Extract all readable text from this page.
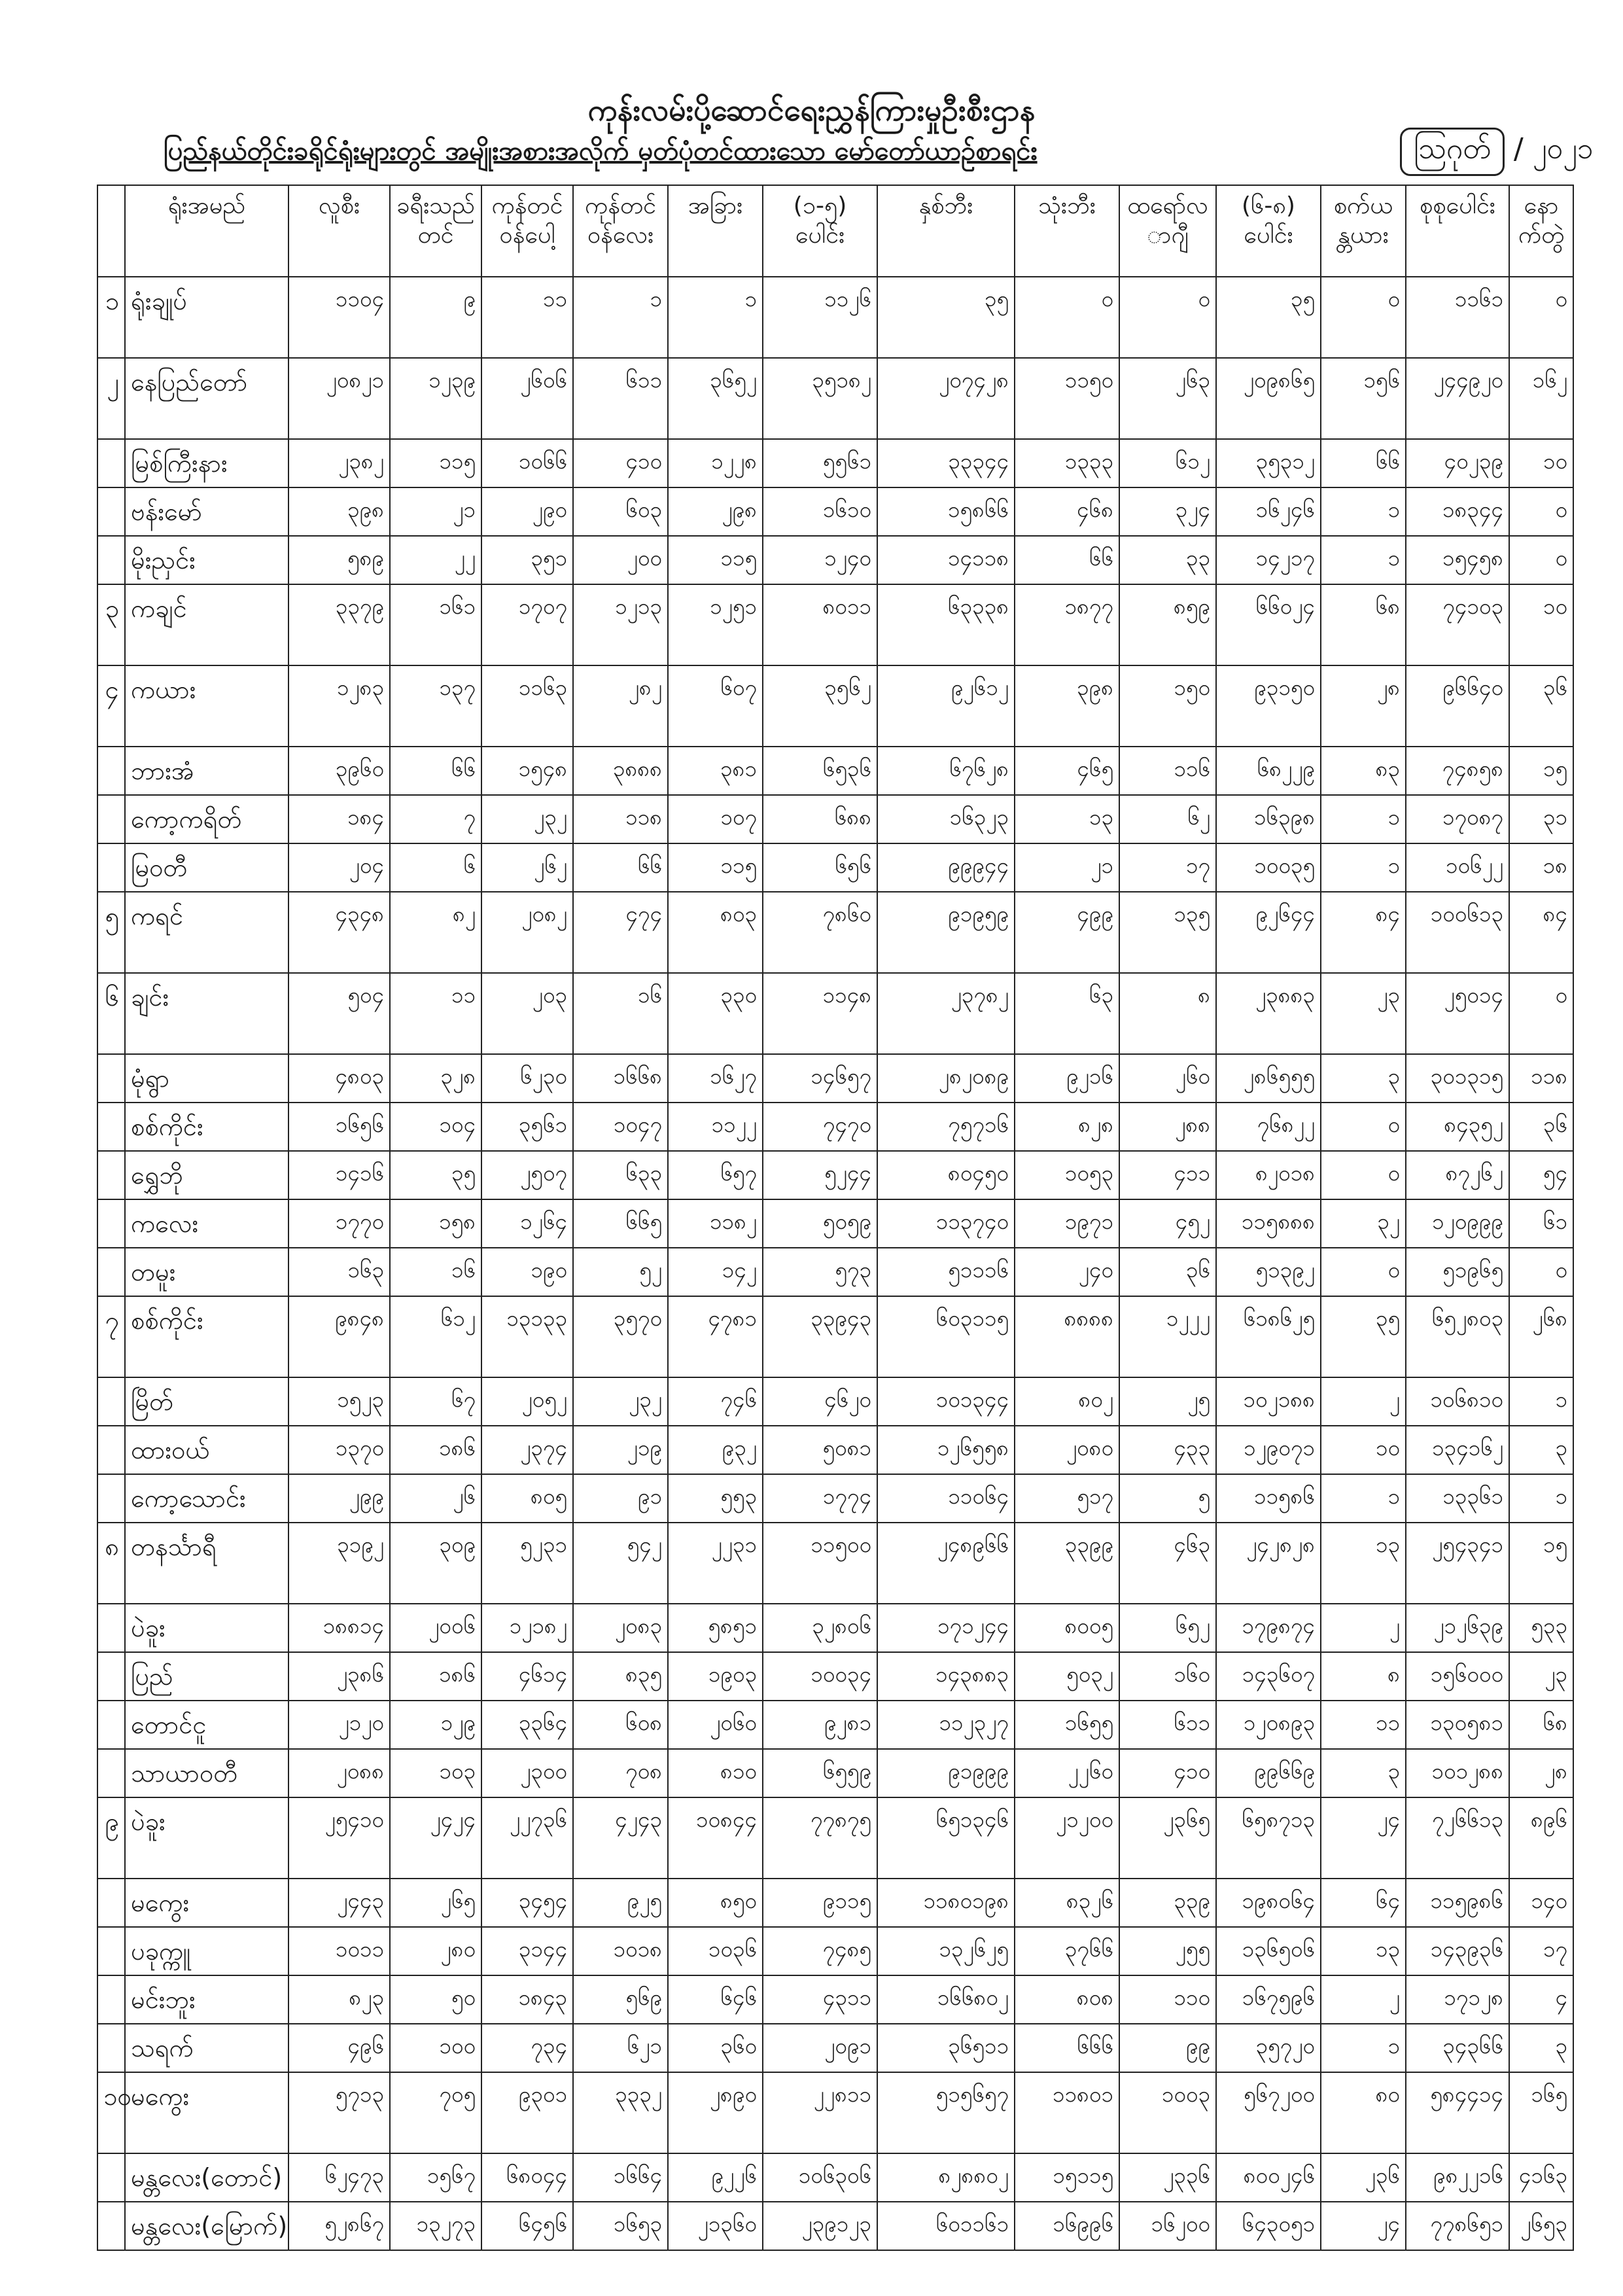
ကုန်းလမ်းပို့ဆောင်ရေးညွှန်ကြားမှုဦးစီးဌာန
ပြည်နယ်တိုင်းခရိုင်ရုံးများတွင် အမျိုးအစားအလိုက် မှတ်ပုံတင်ထားသော မော်တော်ယာဉ်စာရင်း	ဩဂုတ် / ၂၀၂၁
	ရုံးအမည်	လူစီး	ခရီးသည်တင်	ကုန်တင် ဝန်ပေါ့	ကုန်တင် ဝန်လေး	အခြား	(၁-၅) ပေါင်း	နှစ်ဘီး	သုံးဘီး	ထရော်လ ာဂျီ	(၆-၈) ပေါင်း	စက်ယ န္တယား	စုစုပေါင်း	နော က်တွဲ
၁	ရုံးချုပ်	၁၁၀၄	၉	၁၁	၁	၁	၁၁၂၆	၃၅	၀	၀	၃၅	၀	၁၁၆၁	၀
၂	နေပြည်တော်	၂၀၈၂၁	၁၂၃၉	၂၆၀၆	၆၁၁	၃၆၅၂	၃၅၁၈၂	၂၀၇၄၂၈	၁၁၅၀	၂၆၃	၂၀၉၈၆၅	၁၅၆	၂၄၄၉၂၀	၁၆၂
	မြစ်ကြီးနား	၂၃၈၂	၁၁၅	၁၀၆၆	၄၁၀	၁၂၂၈	၅၅၆၁	၃၃၃၄၄	၁၃၃၃	၆၁၂	၃၅၃၁၂	၆၆	၄၀၂၃၉	၁၀
	ဗန်းမော်	၃၉၈	၂၁	၂၉၀	၆၀၃	၂၉၈	၁၆၁၀	၁၅၈၆၆	၄၆၈	၃၂၄	၁၆၂၄၆	၁	၁၈၃၄၄	၀
	မိုးညှင်း	၅၈၉	၂၂	၃၅၁	၂၀၀	၁၁၅	၁၂၄၀	၁၄၁၁၈	၆၆	၃၃	၁၄၂၁၇	၁	၁၅၄၅၈	၀
၃	ကချင်	၃၃၇၉	၁၆၁	၁၇၀၇	၁၂၁၃	၁၂၅၁	၈၀၁၁	၆၃၃၃၈	၁၈၇၇	၈၅၉	၆၆၀၂၄	၆၈	၇၄၁၀၃	၁၀
၄	ကယား	၁၂၈၃	၁၃၇	၁၁၆၃	၂၈၂	၆၀၇	၃၅၆၂	၉၂၆၁၂	၃၉၈	၁၅၀	၉၃၁၅၀	၂၈	၉၆၆၄၀	၃၆
	ဘားအံ	၃၉၆၀	၆၆	၁၅၄၈	၃၈၈၈	၃၈၁	၆၅၃၆	၆၇၆၂၈	၄၆၅	၁၁၆	၆၈၂၂၉	၈၃	၇၄၈၅၈	၁၅
	ကော့ကရိတ်	၁၈၄	၇	၂၃၂	၁၁၈	၁၀၇	၆၈၈	၁၆၃၂၃	၁၃	၆၂	၁၆၃၉၈	၁	၁၇၀၈၇	၃၁
	မြဝတီ	၂၀၄	၆	၂၆၂	၆၆	၁၁၅	၆၅၆	၉၉၉၄၄	၂၁	၁၇	၁၀၀၃၅	၁	၁၀၆၂၂	၁၈
၅	ကရင်	၄၃၄၈	၈၂	၂၀၈၂	၄၇၄	၈၀၃	၇၈၆၀	၉၁၉၅၉	၄၉၉	၁၃၅	၉၂၆၄၄	၈၄	၁၀၀၆၁၃	၈၄
၆	ချင်း	၅၀၄	၁၁	၂၀၃	၁၆	၃၃၀	၁၁၄၈	၂၃၇၈၂	၆၃	၈	၂၃၈၈၃	၂၃	၂၅၀၁၄	၀
	မုံရွာ	၄၈၀၃	၃၂၈	၆၂၃၀	၁၆၆၈	၁၆၂၇	၁၄၆၅၇	၂၈၂၀၈၉	၉၂၁၆	၂၆၀	၂၈၆၅၅၅	၃	၃၀၁၃၁၅	၁၁၈
	စစ်ကိုင်း	၁၆၅၆	၁၀၄	၃၅၆၁	၁၀၄၇	၁၁၂၂	၇၄၇၀	၇၅၇၁၆	၈၂၈	၂၈၈	၇၆၈၂၂	၀	၈၄၃၅၂	၃၆
	ရွှေဘို	၁၄၁၆	၃၅	၂၅၀၇	၆၃၃	၆၅၇	၅၂၄၄	၈၀၄၅၀	၁၀၅၃	၄၁၁	၈၂၀၁၈	၀	၈၇၂၆၂	၅၄
	ကလေး	၁၇၇၀	၁၅၈	၁၂၆၄	၆၆၅	၁၁၈၂	၅၀၅၉	၁၁၃၇၄၀	၁၉၇၁	၄၅၂	၁၁၅၈၈၈	၃၂	၁၂၀၉၉၉	၆၁
	တမူး	၁၆၃	၁၆	၁၉၀	၅၂	၁၄၂	၅၇၃	၅၁၁၁၆	၂၄၀	၃၆	၅၁၃၉၂	၀	၅၁၉၆၅	၀
၇	စစ်ကိုင်း	၉၈၄၈	၆၁၂	၁၃၁၃၃	၃၅၇၀	၄၇၈၁	၃၃၉၄၃	၆၀၃၁၁၅	၈၈၈၈	၁၂၂၂	၆၁၈၆၂၅	၃၅	၆၅၂၈၀၃	၂၆၈
	မြိတ်	၁၅၂၃	၆၇	၂၀၅၂	၂၃၂	၇၄၆	၄၆၂၀	၁၀၁၃၄၄	၈၀၂	၂၅	၁၀၂၁၈၈	၂	၁၀၆၈၁၀	၁
	ထားဝယ်	၁၃၇၀	၁၈၆	၂၃၇၄	၂၁၉	၉၃၂	၅၀၈၁	၁၂၆၅၅၈	၂၀၈၀	၄၃၃	၁၂၉၀၇၁	၁၀	၁၃၄၁၆၂	၃
	ကော့သောင်း	၂၉၉	၂၆	၈၀၅	၉၁	၅၅၃	၁၇၇၄	၁၁၀၆၄	၅၁၇	၅	၁၁၅၈၆	၁	၁၃၃၆၁	၁
၈	တနင်္သာရီ	၃၁၉၂	၃၀၉	၅၂၃၁	၅၄၂	၂၂၃၁	၁၁၅၀၀	၂၄၈၉၆၆	၃၃၉၉	၄၆၃	၂၄၂၈၂၈	၁၃	၂၅၄၃၄၁	၁၅
	ပဲခူး	၁၈၈၁၄	၂၀၀၆	၁၂၁၈၂	၂၀၈၃	၅၈၅၁	၃၂၈၀၆	၁၇၁၂၄၄	၈၀၀၅	၆၅၂	၁၇၉၈၇၄	၂	၂၁၂၆၃၉	၅၃၃
	ပြည်	၂၃၈၆	၁၈၆	၄၆၁၄	၈၃၅	၁၉၀၃	၁၀၀၃၄	၁၄၃၈၈၃	၅၀၃၂	၁၆၀	၁၄၃၆၀၇	၈	၁၅၆၀၀၀	၂၃
	တောင်ငူ	၂၁၂၀	၁၂၉	၃၃၆၄	၆၀၈	၂၀၆၀	၉၂၈၁	၁၁၂၃၂၇	၁၆၅၅	၆၁၁	၁၂၀၈၉၃	၁၁	၁၃၀၅၈၁	၆၈
	သာယာဝတီ	၂၀၈၈	၁၀၃	၂၃၀၀	၇၀၈	၈၁၀	၆၅၅၉	၉၁၉၉၉	၂၂၆၀	၄၁၀	၉၉၆၆၉	၃	၁၀၁၂၈၈	၂၈
၉	ပဲခူး	၂၅၄၁၀	၂၄၂၄	၂၂၇၃၆	၄၂၄၃	၁၀၈၄၄	၇၇၈၇၅	၆၅၁၃၄၆	၂၁၂၀၀	၂၃၆၅	၆၅၈၇၁၃	၂၄	၇၂၆၆၁၃	၈၉၆
	မကွေး	၂၄၄၃	၂၆၅	၃၄၅၄	၉၂၅	၈၅၀	၉၁၁၅	၁၁၈၀၁၉၈	၈၃၂၆	၃၃၉	၁၉၈၀၆၄	၆၄	၁၁၅၉၈၆	၁၄၀
	ပခုက္ကူ	၁၀၁၁	၂၈၀	၃၁၄၄	၁၀၁၈	၁၀၃၆	၇၄၈၅	၁၃၂၆၂၅	၃၇၆၆	၂၅၅	၁၃၆၅၀၆	၁၃	၁၄၃၉၃၆	၁၇
	မင်းဘူး	၈၂၃	၅၀	၁၈၄၃	၅၆၉	၆၄၆	၄၃၁၁	၁၆၆၈၀၂	၈၀၈	၁၁၀	၁၆၇၅၉၆	၂	၁၇၁၂၈	၄
	သရက်	၄၉၆	၁၀၀	၇၃၄	၆၂၁	၃၆၀	၂၀၉၁	၃၆၅၁၁	၆၆၆	၉၉	၃၅၇၂၀	၁	၃၄၃၆၆	၃
၁၀	မကွေး	၅၇၁၃	၇၀၅	၉၃၀၁	၃၃၃၂	၂၈၉၀	၂၂၈၁၁	၅၁၅၆၅၇	၁၁၈၀၁	၁၀၀၃	၅၆၇၂၀၀	၈၀	၅၈၄၄၁၄	၁၆၅
	မန္တလေး(တောင်)	၆၂၄၇၃	၁၅၆၇	၆၈၀၄၄	၁၆၆၄	၉၂၂၆	၁၀၆၃၀၆	၈၂၈၈၀၂	၁၅၁၁၅	၂၃၃၆	၈၀၀၂၄၆	၂၃၆	၉၈၂၂၁၆	၄၁၆၃
	မန္တလေး(မြောက်)	၅၂၈၆၇	၁၃၂၇၃	၆၄၅၆	၁၆၅၃	၂၁၃၆၀	၂၃၉၁၂၃	၆၀၁၁၆၁	၁၆၉၉၆	၁၆၂၀၀	၆၄၃၀၅၁	၂၄	၇၇၈၆၅၁	၂၆၅၃
